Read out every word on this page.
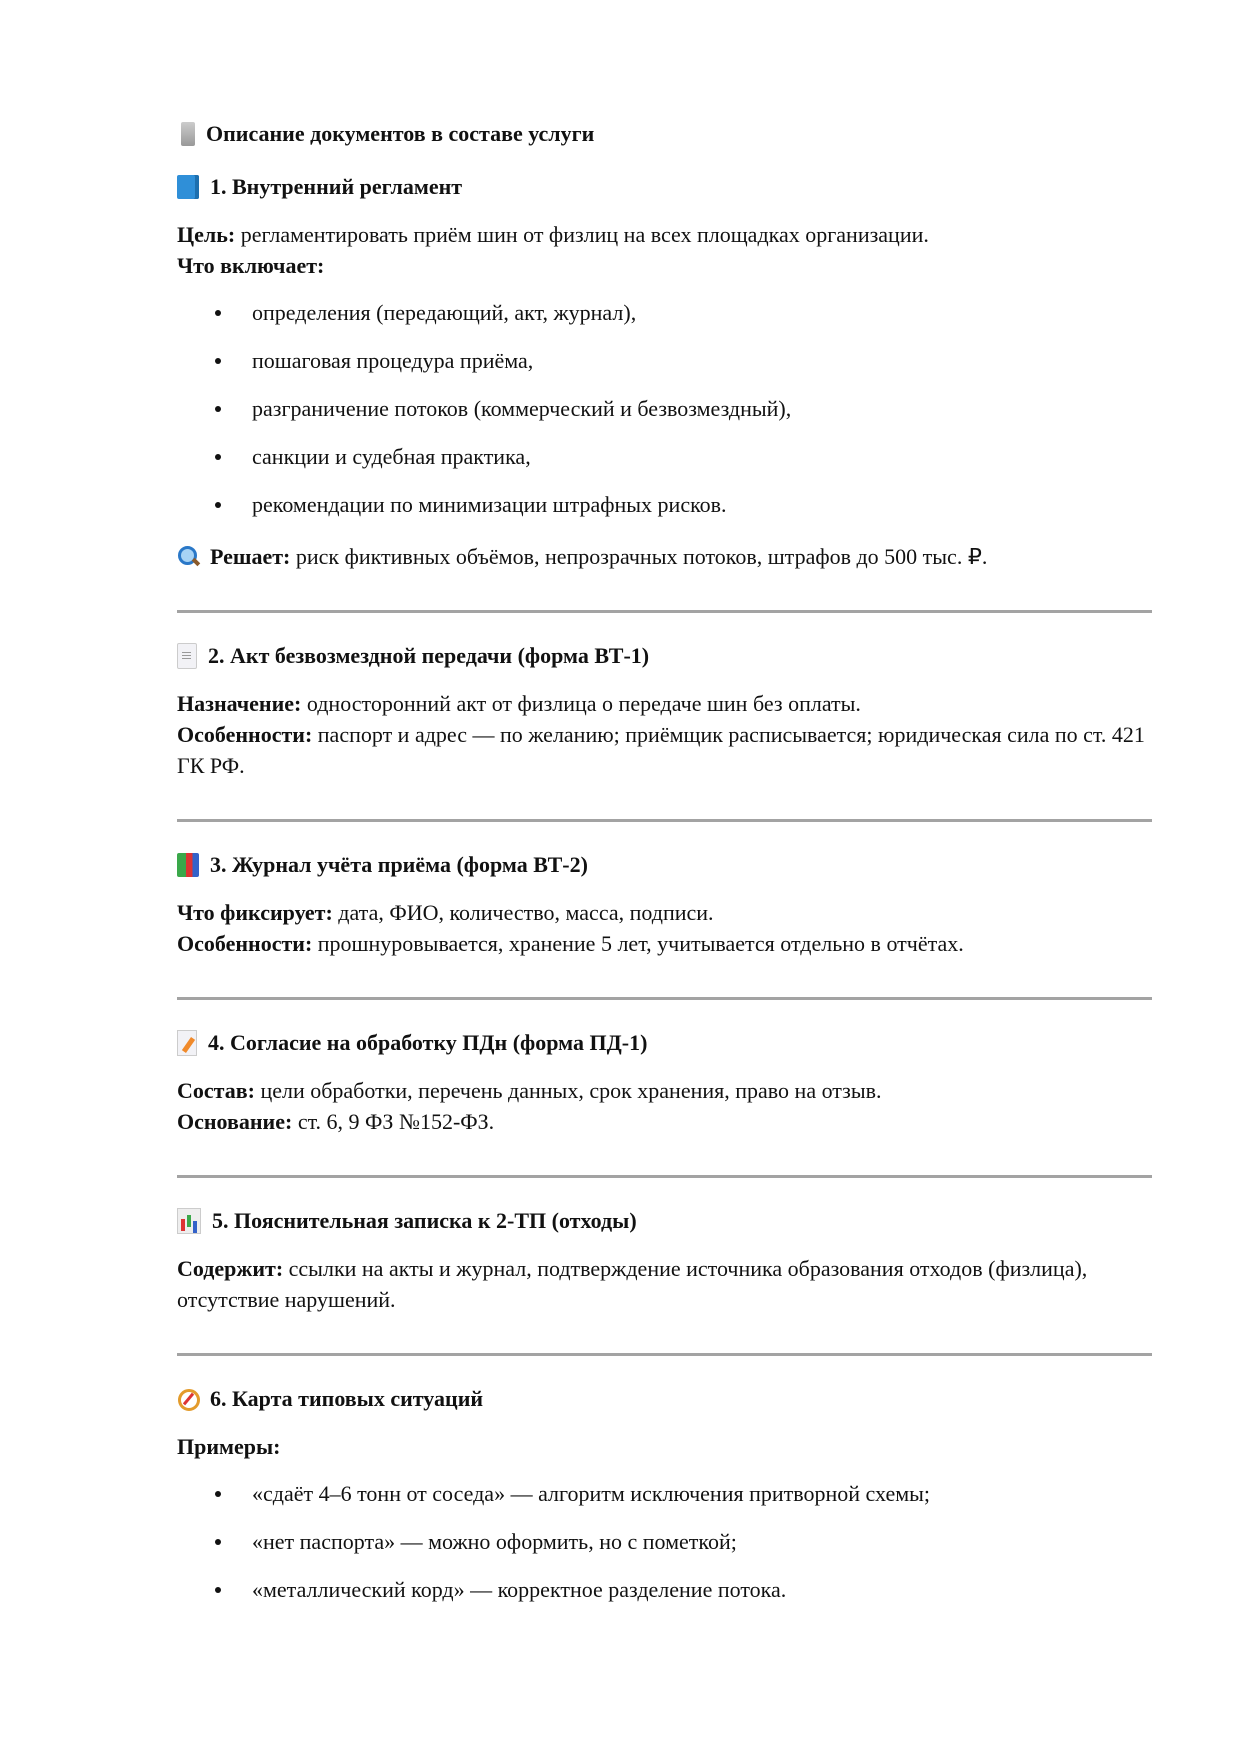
Описание документов в составе услуги
1. Внутренний регламент
Цель: регламентировать приём шин от физлиц на всех площадках организации.
Что включает:
определения (передающий, акт, журнал),
пошаговая процедура приёма,
разграничение потоков (коммерческий и безвозмездный),
санкции и судебная практика,
рекомендации по минимизации штрафных рисков.
Решает: риск фиктивных объёмов, непрозрачных потоков, штрафов до 500 тыс. ₽.
2. Акт безвозмездной передачи (форма ВТ-1)
Назначение: односторонний акт от физлица о передаче шин без оплаты.
Особенности: паспорт и адрес — по желанию; приёмщик расписывается; юридическая сила по ст. 421 ГК РФ.
3. Журнал учёта приёма (форма ВТ-2)
Что фиксирует: дата, ФИО, количество, масса, подписи.
Особенности: прошнуровывается, хранение 5 лет, учитывается отдельно в отчётах.
4. Согласие на обработку ПДн (форма ПД-1)
Состав: цели обработки, перечень данных, срок хранения, право на отзыв.
Основание: ст. 6, 9 ФЗ №152-ФЗ.
5. Пояснительная записка к 2-ТП (отходы)
Содержит: ссылки на акты и журнал, подтверждение источника образования отходов (физлица), отсутствие нарушений.
6. Карта типовых ситуаций
Примеры:
«сдаёт 4–6 тонн от соседа» — алгоритм исключения притворной схемы;
«нет паспорта» — можно оформить, но с пометкой;
«металлический корд» — корректное разделение потока.
